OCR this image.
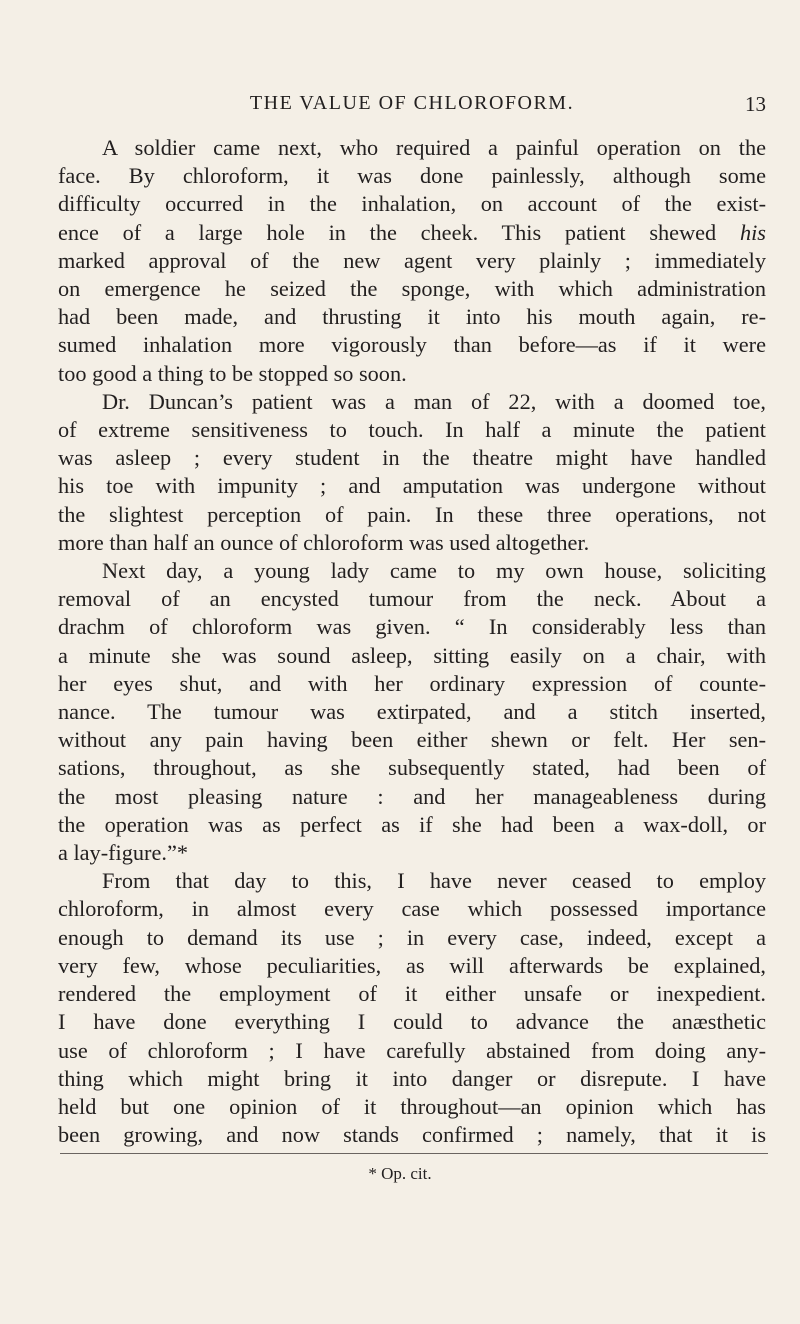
THE VALUE OF CHLOROFORM.	13
A soldier came next, who required a painful operation on the
face. By chloroform, it was done painlessly, although some
difficulty occurred in the inhalation, on account of the exist-
ence of a large hole in the cheek. This patient shewed his
marked approval of the new agent very plainly ; immediately
on emergence he seized the sponge, with which administration
had been made, and thrusting it into his mouth again, re-
sumed inhalation more vigorously than before—as if it were
too good a thing to be stopped so soon.
Dr. Duncan’s patient was a man of 22, with a doomed toe,
of extreme sensitiveness to touch. In half a minute the patient
was asleep ; every student in the theatre might have handled
his toe with impunity ; and amputation was undergone without
the slightest perception of pain. In these three operations, not
more than half an ounce of chloroform was used altogether.
Next day, a young lady came to my own house, soliciting
removal of an encysted tumour from the neck. About a
drachm of chloroform was given. “ In considerably less than
a minute she was sound asleep, sitting easily on a chair, with
her eyes shut, and with her ordinary expression of counte-
nance. The tumour was extirpated, and a stitch inserted,
without any pain having been either shewn or felt. Her sen-
sations, throughout, as she subsequently stated, had been of
the most pleasing nature : and her manageableness during
the operation was as perfect as if she had been a wax-doll, or
a lay-figure.”*
From that day to this, I have never ceased to employ
chloroform, in almost every case which possessed importance
enough to demand its use ; in every case, indeed, except a
very few, whose peculiarities, as will afterwards be explained,
rendered the employment of it either unsafe or inexpedient.
I have done everything I could to advance the anæsthetic
use of chloroform ; I have carefully abstained from doing any-
thing which might bring it into danger or disrepute. I have
held but one opinion of it throughout—an opinion which has
been growing, and now stands confirmed ; namely, that it is
* Op. cit.
